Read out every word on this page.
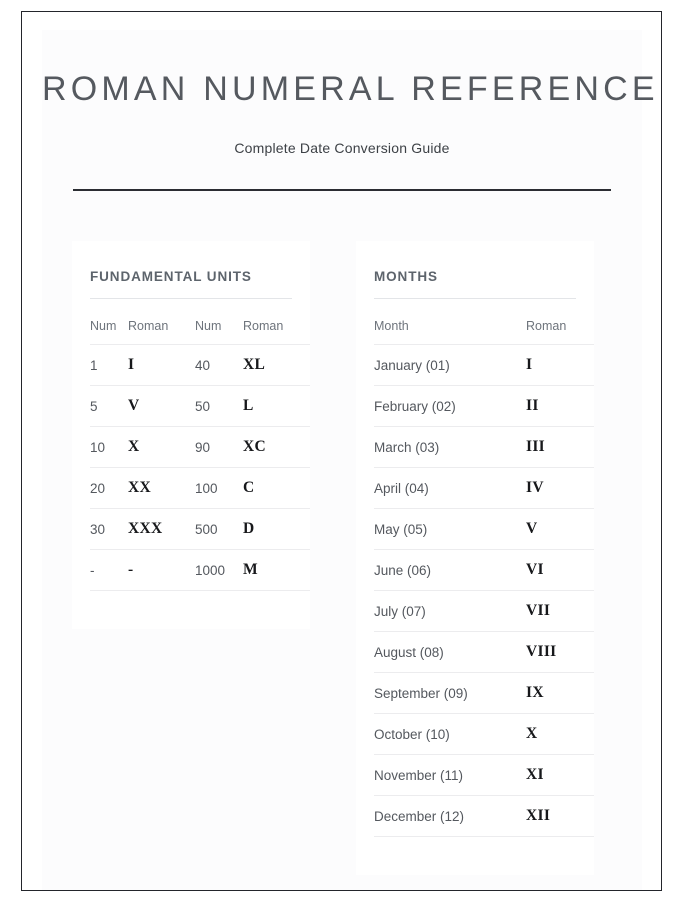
ROMAN NUMERAL REFERENCE

Complete Date Conversion Guide

FUNDAMENTAL UNITS
Num	Roman	Num	Roman
1	I	40	XL
5	V	50	L
10	X	90	XC
20	XX	100	C
30	XXX	500	D
-	-	1000	M
MONTHS
Month	Roman
January (01)	I
February (02)	II
March (03)	III
April (04)	IV
May (05)	V
June (06)	VI
July (07)	VII
August (08)	VIII
September (09)	IX
October (10)	X
November (11)	XI
December (12)	XII
